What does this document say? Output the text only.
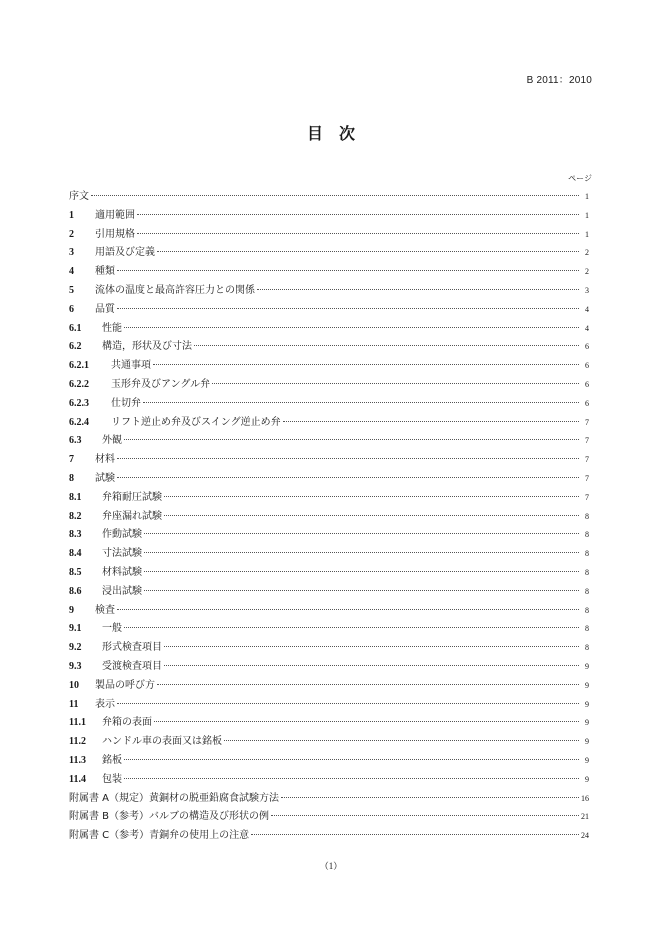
B 2011：2010
目　次
ページ
序文	1
1	適用範囲	1
2	引用規格	1
3	用語及び定義	2
4	種類	2
5	流体の温度と最高許容圧力との関係	3
6	品質	4
6.1	性能	4
6.2	構造，形状及び寸法	6
6.2.1	共通事項	6
6.2.2	玉形弁及びアングル弁	6
6.2.3	仕切弁	6
6.2.4	リフト逆止め弁及びスイング逆止め弁	7
6.3	外観	7
7	材料	7
8	試験	7
8.1	弁箱耐圧試験	7
8.2	弁座漏れ試験	8
8.3	作動試験	8
8.4	寸法試験	8
8.5	材料試験	8
8.6	浸出試験	8
9	検査	8
9.1	一般	8
9.2	形式検査項目	8
9.3	受渡検査項目	9
10	製品の呼び方	9
11	表示	9
11.1	弁箱の表面	9
11.2	ハンドル車の表面又は銘板	9
11.3	銘板	9
11.4	包装	9
附属書 A（規定）黄銅材の脱亜鉛腐食試験方法	16
附属書 B（参考）バルブの構造及び形状の例	21
附属書 C（参考）青銅弁の使用上の注意	24
（1）
